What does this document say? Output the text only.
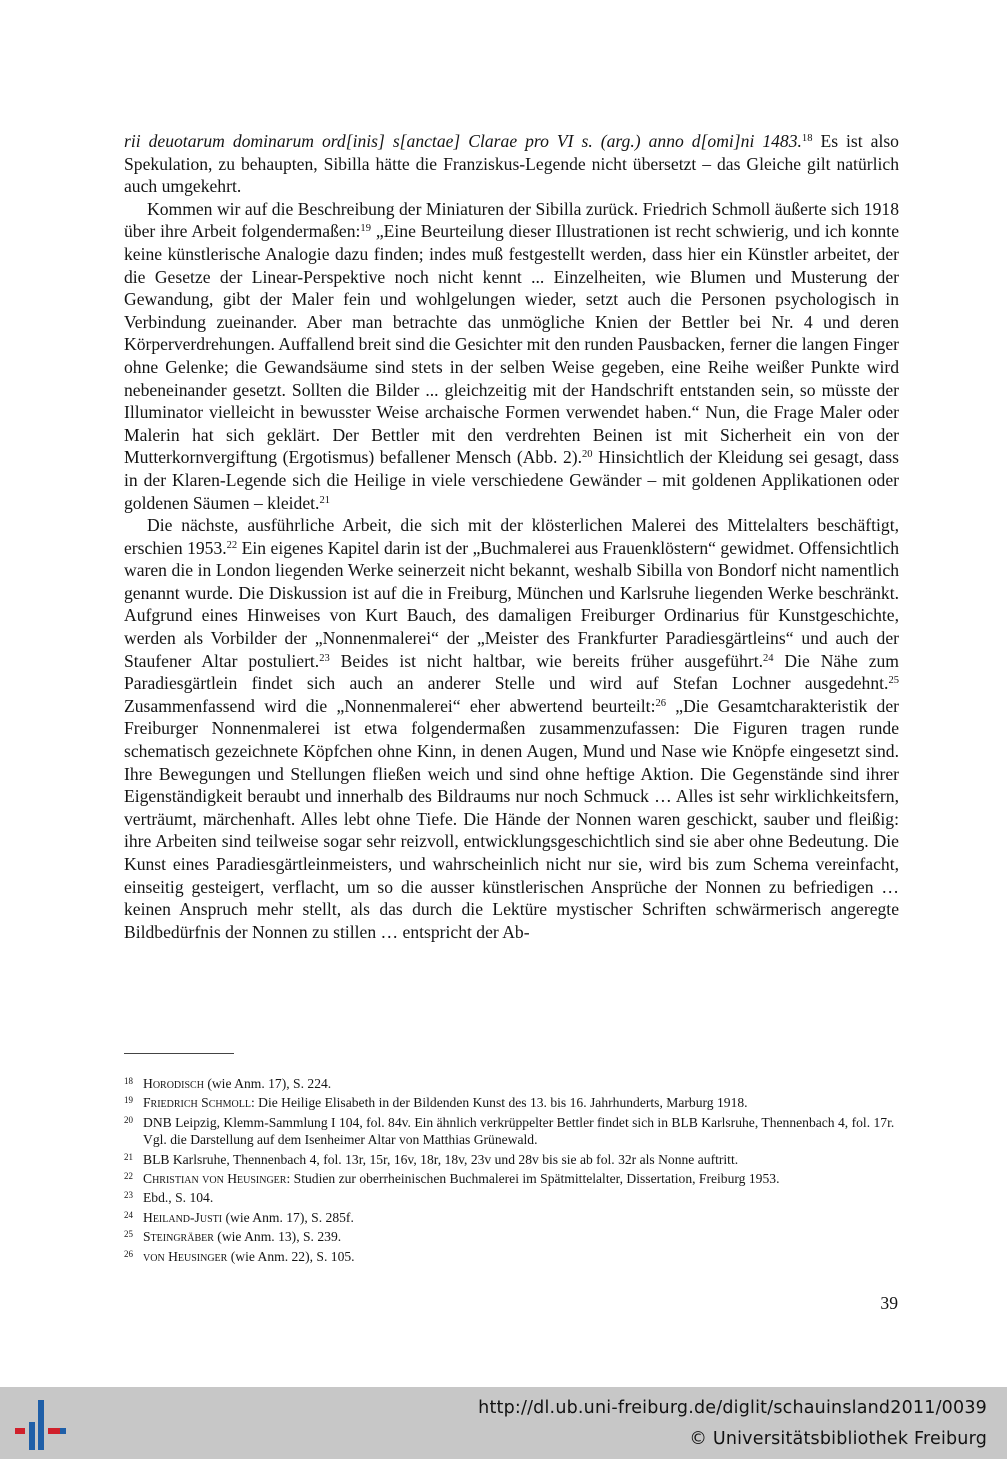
rii deuotarum dominarum ord[inis] s[anctae] Clarae pro VI s. (arg.) anno d[omi]ni 1483.18 Es ist also Spekulation, zu behaupten, Sibilla hätte die Franziskus-Legende nicht übersetzt – das Gleiche gilt natürlich auch umgekehrt.

Kommen wir auf die Beschreibung der Miniaturen der Sibilla zurück. Friedrich Schmoll äußerte sich 1918 über ihre Arbeit folgendermaßen:$^{19}$ „Eine Beurteilung dieser Illustrationen ist recht schwierig, und ich konnte keine künstlerische Analogie dazu finden; indes muß festgestellt werden, dass hier ein Künstler arbeitet, der die Gesetze der Linear-Perspektive noch nicht kennt ... Einzelheiten, wie Blumen und Musterung der Gewandung, gibt der Maler fein und wohlgelungen wieder, setzt auch die Personen psychologisch in Verbindung zueinander. Aber man betrachte das unmögliche Knien der Bettler bei Nr. 4 und deren Körperverdrehungen. Auffallend breit sind die Gesichter mit den runden Pausbacken, ferner die langen Finger ohne Gelenke; die Gewandsäume sind stets in der selben Weise gegeben, eine Reihe weißer Punkte wird nebeneinander gesetzt. Sollten die Bilder ... gleichzeitig mit der Handschrift entstanden sein, so müsste der Illuminator vielleicht in bewusster Weise archaische Formen verwendet haben.“ Nun, die Frage Maler oder Malerin hat sich geklärt. Der Bettler mit den verdrehten Beinen ist mit Sicherheit ein von der Mutterkornvergiftung (Ergotismus) befallener Mensch (Abb. 2).$^{20}$ Hinsichtlich der Kleidung sei gesagt, dass in der Klaren-Legende sich die Heilige in viele verschiedene Gewänder – mit goldenen Applikationen oder goldenen Säumen – kleidet.$^{21}$

Die nächste, ausführliche Arbeit, die sich mit der klösterlichen Malerei des Mittelalters beschäftigt, erschien 1953.22 Ein eigenes Kapitel darin ist der „Buchmalerei aus Frauenklöstern“ gewidmet. Offensichtlich waren die in London liegenden Werke seinerzeit nicht bekannt, weshalb Sibilla von Bondorf nicht namentlich genannt wurde. Die Diskussion ist auf die in Freiburg, München und Karlsruhe liegenden Werke beschränkt. Aufgrund eines Hinweises von Kurt Bauch, des damaligen Freiburger Ordinarius für Kunstgeschichte, werden als Vorbilder der „Nonnenmalerei“ der „Meister des Frankfurter Paradiesgärtleins“ und auch der Staufener Altar postuliert.$^{23}$ Beides ist nicht haltbar, wie bereits früher ausgeführt.$^{24}$ Die Nähe zum Paradiesgärtlein findet sich auch an anderer Stelle und wird auf Stefan Lochner ausgedehnt.$^{25}$ Zusammenfassend wird die „Nonnenmalerei“ eher abwertend beurteilt:$^{26}$ „Die Gesamtcharakteristik der Freiburger Nonnenmalerei ist etwa folgendermaßen zusammenzufassen: Die Figuren tragen runde schematisch gezeichnete Köpfchen ohne Kinn, in denen Augen, Mund und Nase wie Knöpfe eingesetzt sind. Ihre Bewegungen und Stellungen fließen weich und sind ohne heftige Aktion. Die Gegenstände sind ihrer Eigenständigkeit beraubt und innerhalb des Bildraums nur noch Schmuck … Alles ist sehr wirklichkeitsfern, verträumt, märchenhaft. Alles lebt ohne Tiefe. Die Hände der Nonnen waren geschickt, sauber und fleißig: ihre Arbeiten sind teilweise sogar sehr reizvoll, entwicklungsgeschichtlich sind sie aber ohne Bedeutung. Die Kunst eines Paradiesgärtleinmeisters, und wahrscheinlich nicht nur sie, wird bis zum Schema vereinfacht, einseitig gesteigert, verflacht, um so die ausser künstlerischen Ansprüche der Nonnen zu befriedigen … keinen Anspruch mehr stellt, als das durch die Lektüre mystischer Schriften schwärmerisch angeregte Bildbedürfnis der Nonnen zu stillen … entspricht der Ab-

18 Horodisch (wie Anm. 17), S. 224.

19 Friedrich Schmoll: Die Heilige Elisabeth in der Bildenden Kunst des 13. bis 16. Jahrhunderts, Marburg 1918.

20 DNB Leipzig, Klemm-Sammlung I 104, fol. 84v. Ein ähnlich verkrüppelter Bettler findet sich in BLB Karlsruhe, Thennenbach 4, fol. 17r. Vgl. die Darstellung auf dem Isenheimer Altar von Matthias Grünewald.

21 BLB Karlsruhe, Thennenbach 4, fol. 13r, 15r, 16v, 18r, 18v, 23v und 28v bis sie ab fol. 32r als Nonne auftritt.

22 Christian von Heusinger: Studien zur oberrheinischen Buchmalerei im Spätmittelalter, Dissertation, Freiburg 1953.

23 Ebd., S. 104.

24 Heiland-Justi (wie Anm. 17), S. 285f.

25 Steingräber (wie Anm. 13), S. 239.

26 von Heusinger (wie Anm. 22), S. 105.

39
http://dl.ub.uni-freiburg.de/diglit/schauinsland2011/0039
© Universitätsbibliothek Freiburg
